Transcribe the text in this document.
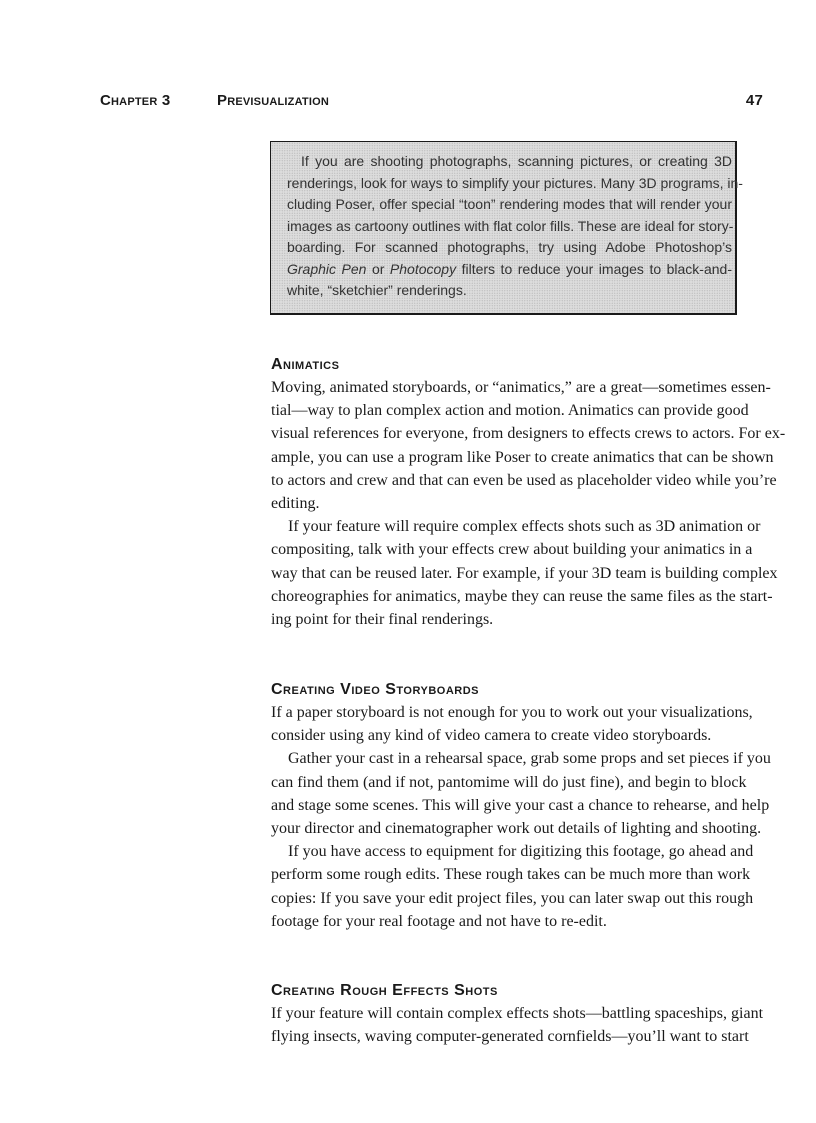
Chapter 3	Previsualization	47
If you are shooting photographs, scanning pictures, or creating 3D
renderings, look for ways to simplify your pictures. Many 3D programs, in-
cluding Poser, offer special “toon” rendering modes that will render your
images as cartoony outlines with flat color fills. These are ideal for story-
boarding. For scanned photographs, try using Adobe Photoshop’s
Graphic Pen or Photocopy filters to reduce your images to black-and-
white, “sketchier” renderings.
Animatics
Moving, animated storyboards, or “animatics,” are a great—sometimes essen-
tial—way to plan complex action and motion. Animatics can provide good
visual references for everyone, from designers to effects crews to actors. For ex-
ample, you can use a program like Poser to create animatics that can be shown
to actors and crew and that can even be used as placeholder video while you’re
editing.
If your feature will require complex effects shots such as 3D animation or
compositing, talk with your effects crew about building your animatics in a
way that can be reused later. For example, if your 3D team is building complex
choreographies for animatics, maybe they can reuse the same files as the start-
ing point for their final renderings.
Creating Video Storyboards
If a paper storyboard is not enough for you to work out your visualizations,
consider using any kind of video camera to create video storyboards.
Gather your cast in a rehearsal space, grab some props and set pieces if you
can find them (and if not, pantomime will do just fine), and begin to block
and stage some scenes. This will give your cast a chance to rehearse, and help
your director and cinematographer work out details of lighting and shooting.
If you have access to equipment for digitizing this footage, go ahead and
perform some rough edits. These rough takes can be much more than work
copies: If you save your edit project files, you can later swap out this rough
footage for your real footage and not have to re-edit.
Creating Rough Effects Shots
If your feature will contain complex effects shots—battling spaceships, giant
flying insects, waving computer-generated cornfields—you’ll want to start
